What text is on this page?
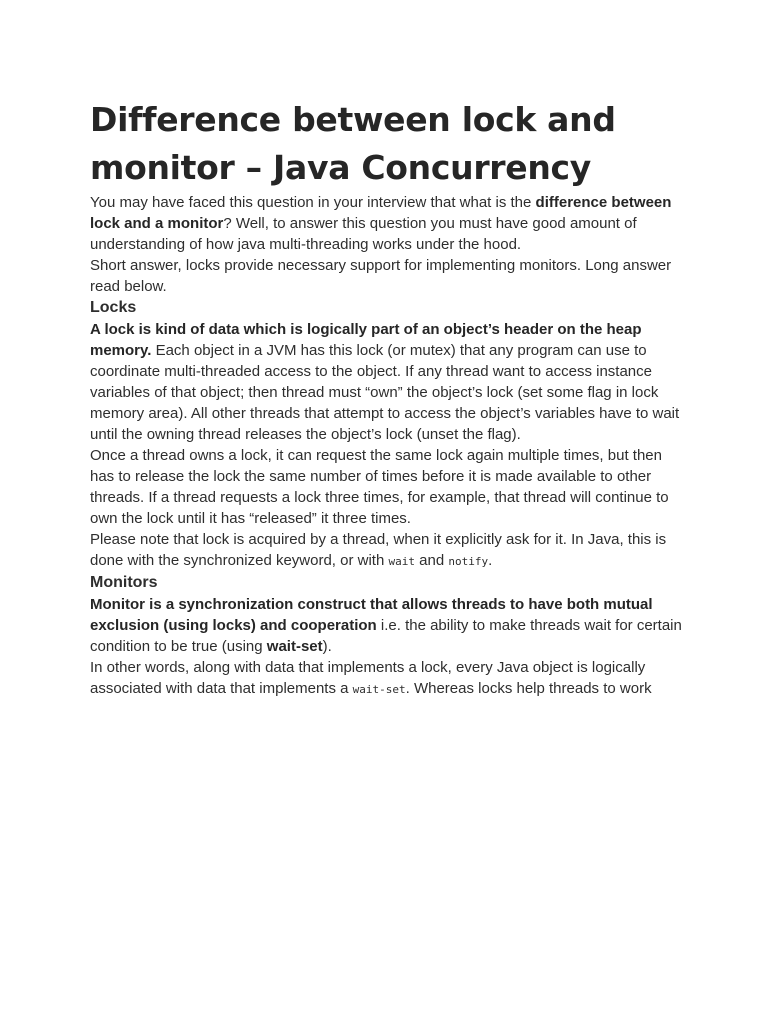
Difference between lock and monitor – Java Concurrency

You may have faced this question in your interview that what is the difference between lock and a monitor? Well, to answer this question you must have good amount of understanding of how java multi-threading works under the hood.

Short answer, locks provide necessary support for implementing monitors. Long answer read below.

Locks

A lock is kind of data which is logically part of an object’s header on the heap memory. Each object in a JVM has this lock (or mutex) that any program can use to coordinate multi-threaded access to the object. If any thread want to access instance variables of that object; then thread must “own” the object’s lock (set some flag in lock memory area). All other threads that attempt to access the object’s variables have to wait until the owning thread releases the object’s lock (unset the flag).

Once a thread owns a lock, it can request the same lock again multiple times, but then has to release the lock the same number of times before it is made available to other threads. If a thread requests a lock three times, for example, that thread will continue to own the lock until it has “released” it three times.

Please note that lock is acquired by a thread, when it explicitly ask for it. In Java, this is done with the synchronized keyword, or with wait and notify.

Monitors

Monitor is a synchronization construct that allows threads to have both mutual exclusion (using locks) and cooperation i.e. the ability to make threads wait for certain condition to be true (using wait-set).

In other words, along with data that implements a lock, every Java object is logically associated with data that implements a wait-set. Whereas locks help threads to work
